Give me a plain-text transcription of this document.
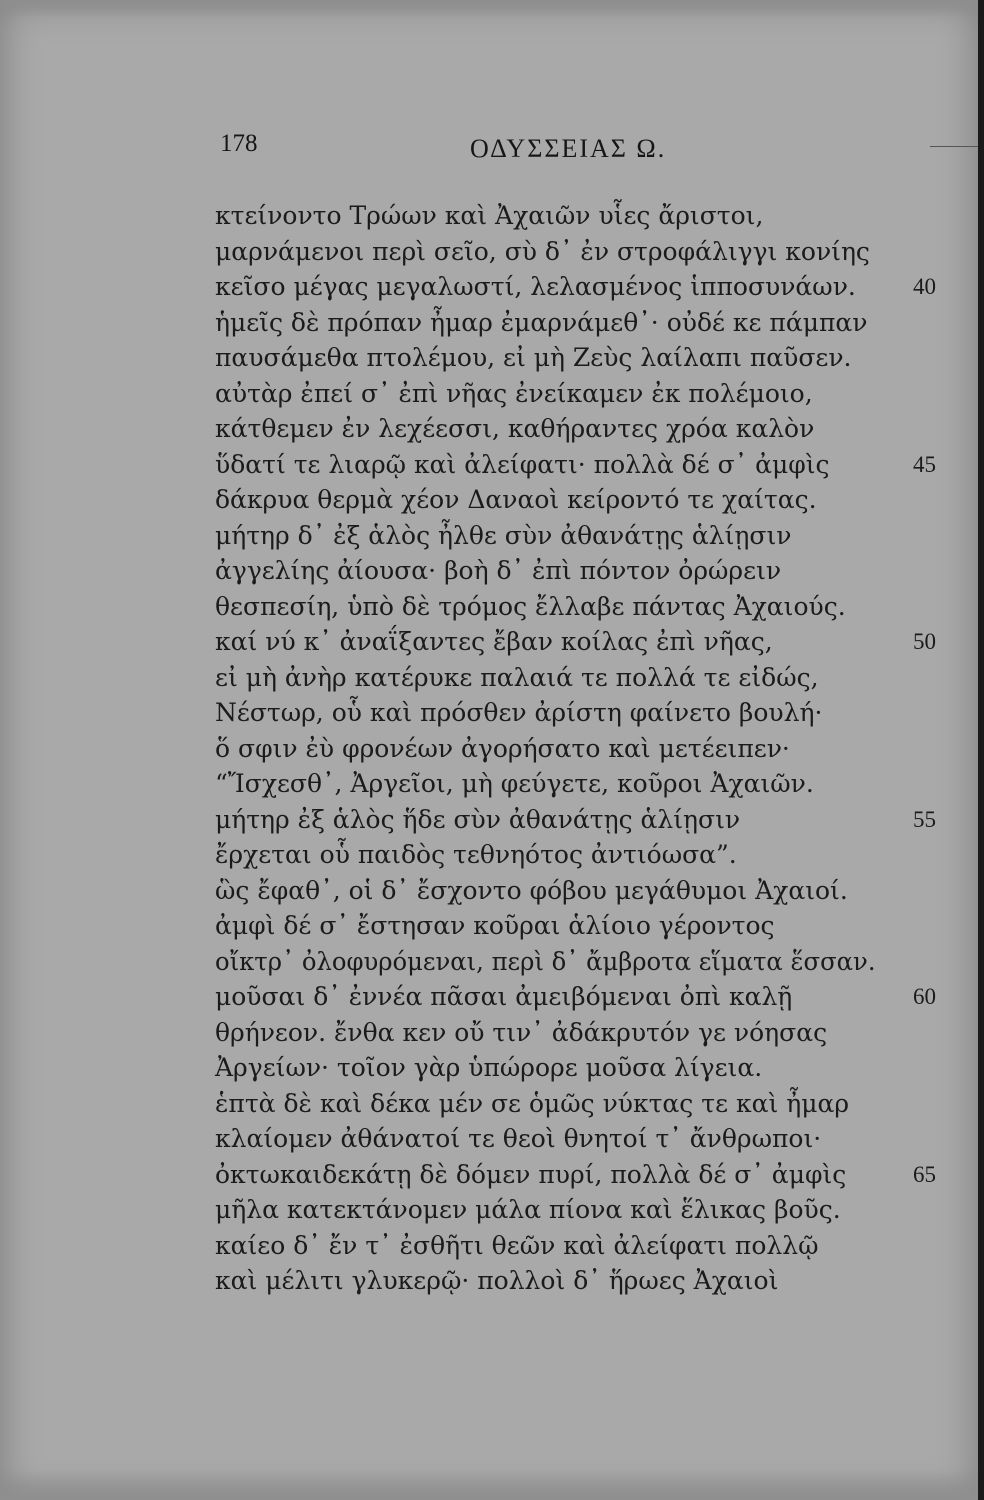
178	ΟΔΥΣΣΕΙΑΣ Ω.
κτείνοντο Τρώων καὶ Ἀχαιῶν υἷες ἄριστοι,
μαρνάμενοι περὶ σεῖο, σὺ δ᾽ ἐν στροφάλιγγι κονίης
κεῖσο μέγας μεγαλωστί, λελασμένος ἱπποσυνάων.	40
ἡμεῖς δὲ πρόπαν ἦμαρ ἐμαρνάμεθ᾽· οὐδέ κε πάμπαν
παυσάμεθα πτολέμου, εἰ μὴ Ζεὺς λαίλαπι παῦσεν.
αὐτὰρ ἐπεί σ᾽ ἐπὶ νῆας ἐνείκαμεν ἐκ πολέμοιο,
κάτθεμεν ἐν λεχέεσσι, καθήραντες χρόα καλὸν
ὕδατί τε λιαρῷ καὶ ἀλείφατι· πολλὰ δέ σ᾽ ἀμφὶς	45
δάκρυα θερμὰ χέον Δαναοὶ κείροντό τε χαίτας.
μήτηρ δ᾽ ἐξ ἁλὸς ἦλθε σὺν ἀθανάτῃς ἁλίῃσιν
ἀγγελίης ἀίουσα· βοὴ δ᾽ ἐπὶ πόντον ὀρώρειν
θεσπεσίη, ὑπὸ δὲ τρόμος ἔλλαβε πάντας Ἀχαιούς.
καί νύ κ᾽ ἀναΐξαντες ἔβαν κοίλας ἐπὶ νῆας,	50
εἰ μὴ ἀνὴρ κατέρυκε παλαιά τε πολλά τε εἰδώς,
Νέστωρ, οὗ καὶ πρόσθεν ἀρίστη φαίνετο βουλή·
ὅ σφιν ἐὺ φρονέων ἀγορήσατο καὶ μετέειπεν·
“Ἴσχεσθ᾽, Ἀργεῖοι, μὴ φεύγετε, κοῦροι Ἀχαιῶν.
μήτηρ ἐξ ἁλὸς ἥδε σὺν ἀθανάτῃς ἁλίῃσιν	55
ἔρχεται οὗ παιδὸς τεθνηότος ἀντιόωσα”.
ὣς ἔφαθ᾽, οἱ δ᾽ ἔσχοντο φόβου μεγάθυμοι Ἀχαιοί.
ἀμφὶ δέ σ᾽ ἔστησαν κοῦραι ἁλίοιο γέροντος
οἴκτρ᾽ ὀλοφυρόμεναι, περὶ δ᾽ ἄμβροτα εἵματα ἕσσαν.
μοῦσαι δ᾽ ἐννέα πᾶσαι ἀμειβόμεναι ὀπὶ καλῇ	60
θρήνεον. ἔνθα κεν οὔ τιν᾽ ἀδάκρυτόν γε νόησας
Ἀργείων· τοῖον γὰρ ὑπώρορε μοῦσα λίγεια.
ἑπτὰ δὲ καὶ δέκα μέν σε ὁμῶς νύκτας τε καὶ ἦμαρ
κλαίομεν ἀθάνατοί τε θεοὶ θνητοί τ᾽ ἄνθρωποι·
ὀκτωκαιδεκάτῃ δὲ δόμεν πυρί, πολλὰ δέ σ᾽ ἀμφὶς	65
μῆλα κατεκτάνομεν μάλα πίονα καὶ ἕλικας βοῦς.
καίεο δ᾽ ἔν τ᾽ ἐσθῆτι θεῶν καὶ ἀλείφατι πολλῷ
καὶ μέλιτι γλυκερῷ· πολλοὶ δ᾽ ἥρωες Ἀχαιοὶ
